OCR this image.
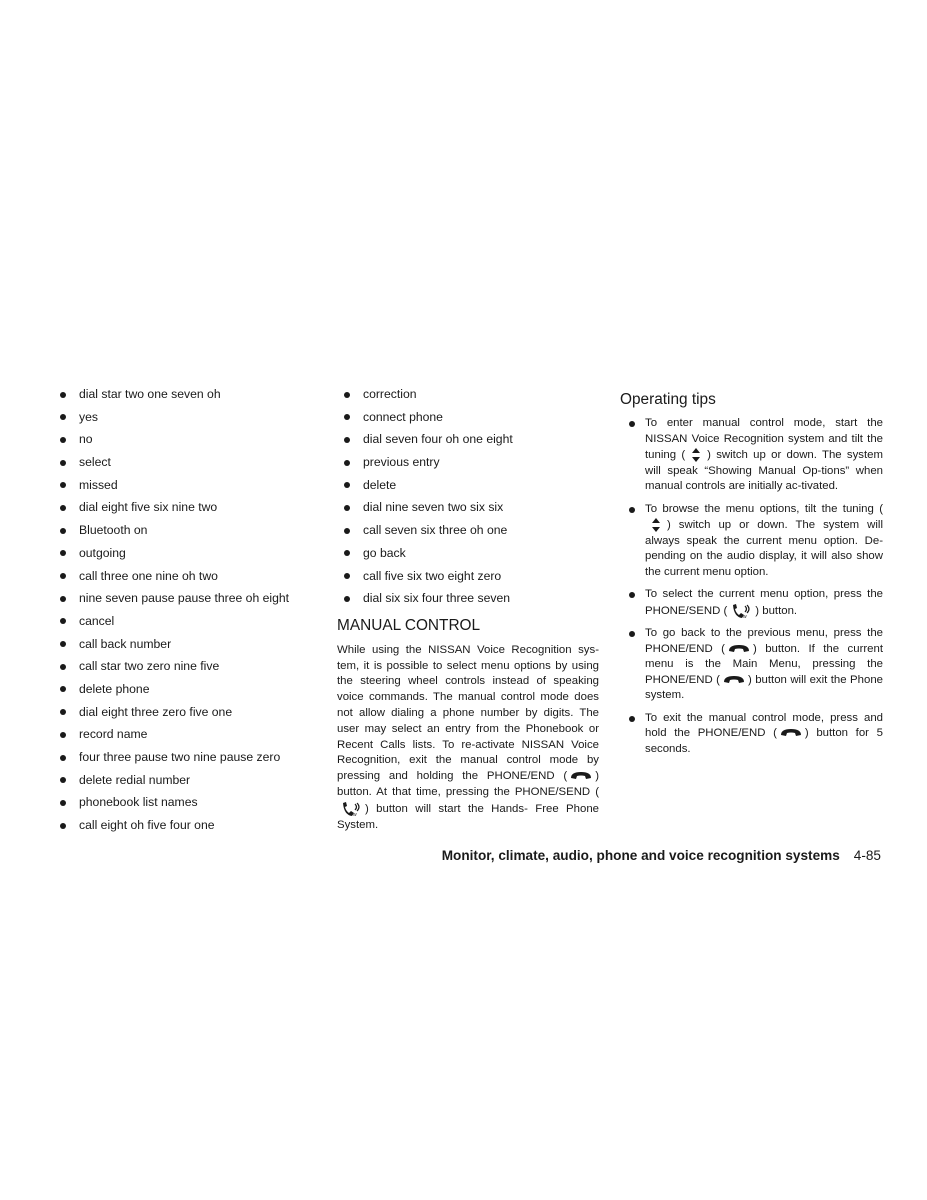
dial star two one seven oh
yes
no
select
missed
dial eight five six nine two
Bluetooth on
outgoing
call three one nine oh two
nine seven pause pause three oh eight
cancel
call back number
call star two zero nine five
delete phone
dial eight three zero five one
record name
four three pause two nine pause zero
delete redial number
phonebook list names
call eight oh five four one
correction
connect phone
dial seven four oh one eight
previous entry
delete
dial nine seven two six six
call seven six three oh one
go back
call five six two eight zero
dial six six four three seven
MANUAL CONTROL

While using the NISSAN Voice Recognition sys-tem, it is possible to select menu options by using the steering wheel controls instead of speaking voice commands. The manual control mode does not allow dialing a phone number by digits. The user may select an entry from the Phonebook or Recent Calls lists. To re-activate NISSAN Voice Recognition, exit the manual control mode by pressing and holding the PHONE/END ( ) button. At that time, pressing the PHONE/SEND (
w ) button will start the Hands- Free Phone System.

Operating tips
To enter manual control mode, start the NISSAN Voice Recognition system and tilt the tuning ( ) switch up or down. The system will speak “Showing Manual Op-tions” when manual controls are initially ac-tivated.
To browse the menu options, tilt the tuning (
) switch up or down. The system will always speak the current menu option. De-pending on the audio display, it will also show the current menu option.
To select the current menu option, press the PHONE/SEND (	w ) button.
To go back to the previous menu, press the PHONE/END ( ) button. If the current menu is the Main Menu, pressing the PHONE/END ( ) button will exit the Phone system.
To exit the manual control mode, press and hold the PHONE/END ( ) button for 5 seconds.
Monitor, climate, audio, phone and voice recognition systems 4-85
